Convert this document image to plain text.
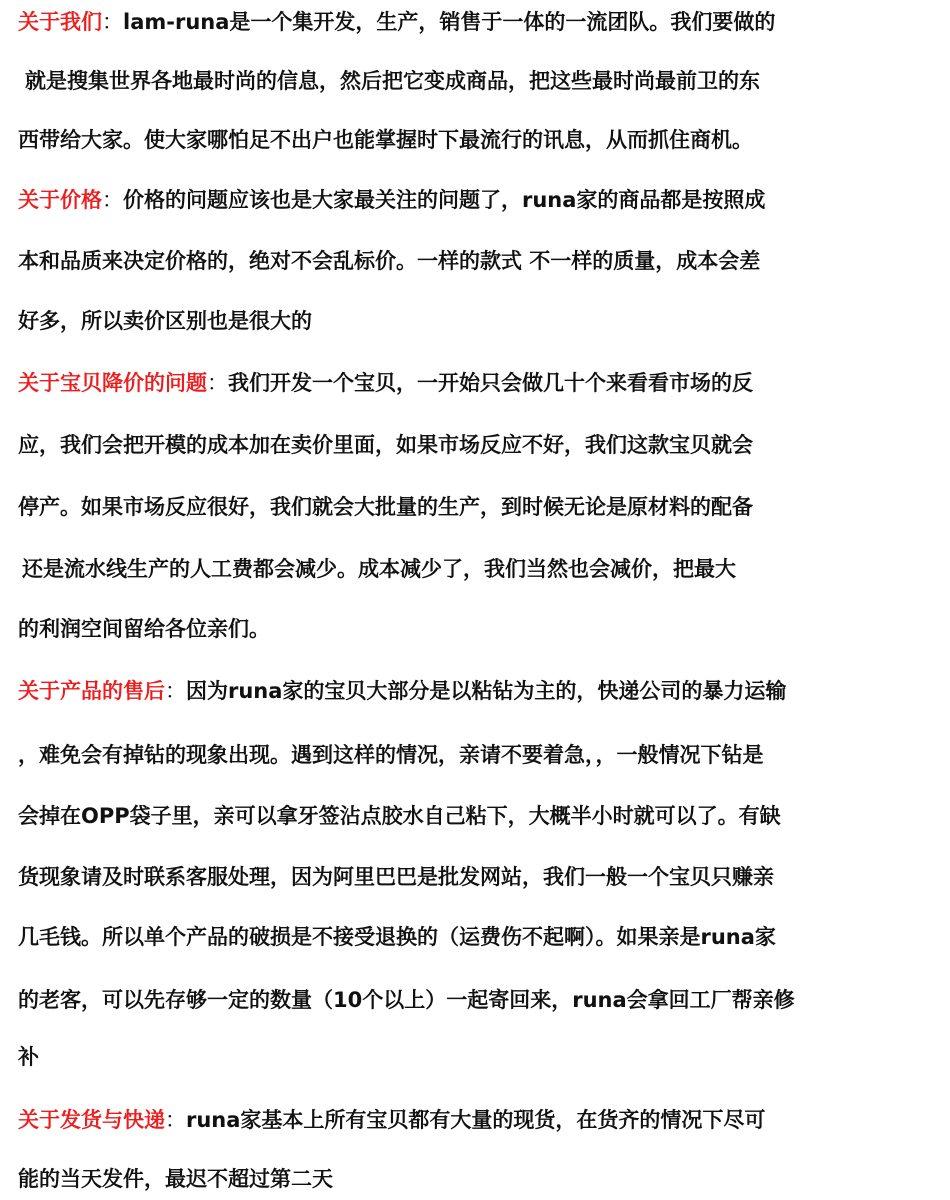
关于我们：lam-runa是一个集开发，生产，销售于一体的一流团队。我们要做的
就是搜集世界各地最时尚的信息，然后把它变成商品，把这些最时尚最前卫的东
西带给大家。使大家哪怕足不出户也能掌握时下最流行的讯息，从而抓住商机。
关于价格：价格的问题应该也是大家最关注的问题了，runa家的商品都是按照成
本和品质来决定价格的，绝对不会乱标价。一样的款式 不一样的质量，成本会差
好多，所以卖价区别也是很大的
关于宝贝降价的问题：我们开发一个宝贝，一开始只会做几十个来看看市场的反
应，我们会把开模的成本加在卖价里面，如果市场反应不好，我们这款宝贝就会
停产。如果市场反应很好，我们就会大批量的生产，到时候无论是原材料的配备
还是流水线生产的人工费都会减少。成本减少了，我们当然也会减价，把最大
的利润空间留给各位亲们。
关于产品的售后：因为runa家的宝贝大部分是以粘钻为主的，快递公司的暴力运输
，难免会有掉钻的现象出现。遇到这样的情况，亲请不要着急，，一般情况下钻是
会掉在OPP袋子里，亲可以拿牙签沾点胶水自己粘下，大概半小时就可以了。有缺
货现象请及时联系客服处理，因为阿里巴巴是批发网站，我们一般一个宝贝只赚亲
几毛钱。所以单个产品的破损是不接受退换的（运费伤不起啊）。如果亲是runa家
的老客，可以先存够一定的数量（10个以上）一起寄回来，runa会拿回工厂帮亲修
补
关于发货与快递：runa家基本上所有宝贝都有大量的现货，在货齐的情况下尽可
能的当天发件，最迟不超过第二天
